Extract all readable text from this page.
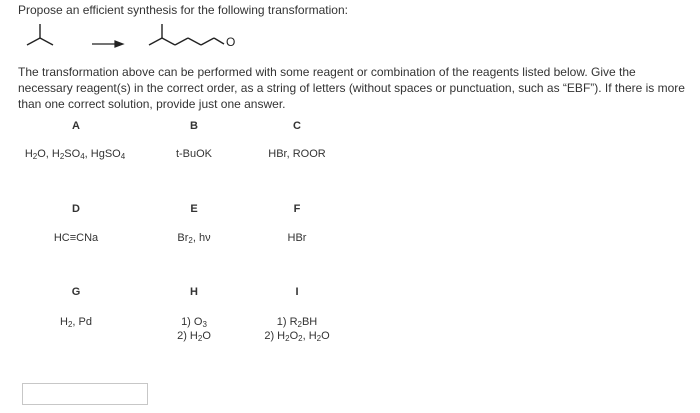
Propose an efficient synthesis for the following transformation:
O
The transformation above can be performed with some reagent or combination of the reagents listed below. Give the necessary reagent(s) in the correct order, as a string of letters (without spaces or punctuation, such as “EBF”). If there is more than one correct solution, provide just one answer.
A
$H_2O$, $H_2SO_4$, HgSO$_4$
B
t-BuOK
C
HBr, ROOR
D
HC≡CNa
E
$Br_2$, hν
F
HBr
G
$H_2$, Pd
H
1) $O_3$
2) $H_2O$
I
1) $R_2BH$
2) $H_2O_2$, $H_2O$
